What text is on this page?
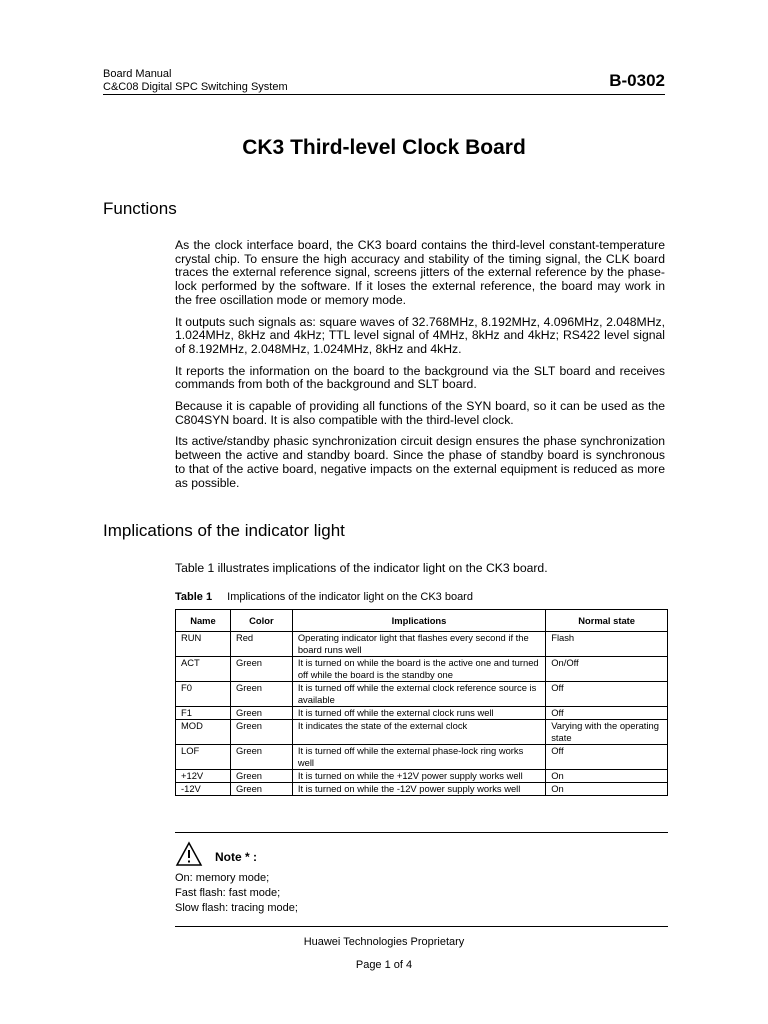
Board Manual
C&C08 Digital SPC Switching System	B-0302
CK3 Third-level Clock Board
Functions

As the clock interface board, the CK3 board contains the third-level constant-temperature crystal chip. To ensure the high accuracy and stability of the timing signal, the CLK board traces the external reference signal, screens jitters of the external reference by the phase-lock performed by the software. If it loses the external reference, the board may work in the free oscillation mode or memory mode.

It outputs such signals as: square waves of 32.768MHz, 8.192MHz, 4.096MHz, 2.048MHz, 1.024MHz, 8kHz and 4kHz; TTL level signal of 4MHz, 8kHz and 4kHz; RS422 level signal of 8.192MHz, 2.048MHz, 1.024MHz, 8kHz and 4kHz.

It reports the information on the board to the background via the SLT board and receives commands from both of the background and SLT board.

Because it is capable of providing all functions of the SYN board, so it can be used as the C804SYN board. It is also compatible with the third-level clock.

Its active/standby phasic synchronization circuit design ensures the phase synchronization between the active and standby board. Since the phase of standby board is synchronous to that of the active board, negative impacts on the external equipment is reduced as more as possible.

Implications of the indicator light
Table 1 illustrates implications of the indicator light on the CK3 board.
Table 1 Implications of the indicator light on the CK3 board
Name	Color	Implications	Normal state
RUN	Red	Operating indicator light that flashes every second if the board runs well	Flash
ACT	Green	It is turned on while the board is the active one and turned off while the board is the standby one	On/Off
F0	Green	It is turned off while the external clock reference source is available	Off
F1	Green	It is turned off while the external clock runs well	Off
MOD	Green	It indicates the state of the external clock	Varying with the operating state
LOF	Green	It is turned off while the external phase-lock ring works well	Off
+12V	Green	It is turned on while the +12V power supply works well	On
-12V	Green	It is turned on while the -12V power supply works well	On
Note * :
On: memory mode;
Fast flash: fast mode;
Slow flash: tracing mode;
Huawei Technologies Proprietary
Page 1 of 4
